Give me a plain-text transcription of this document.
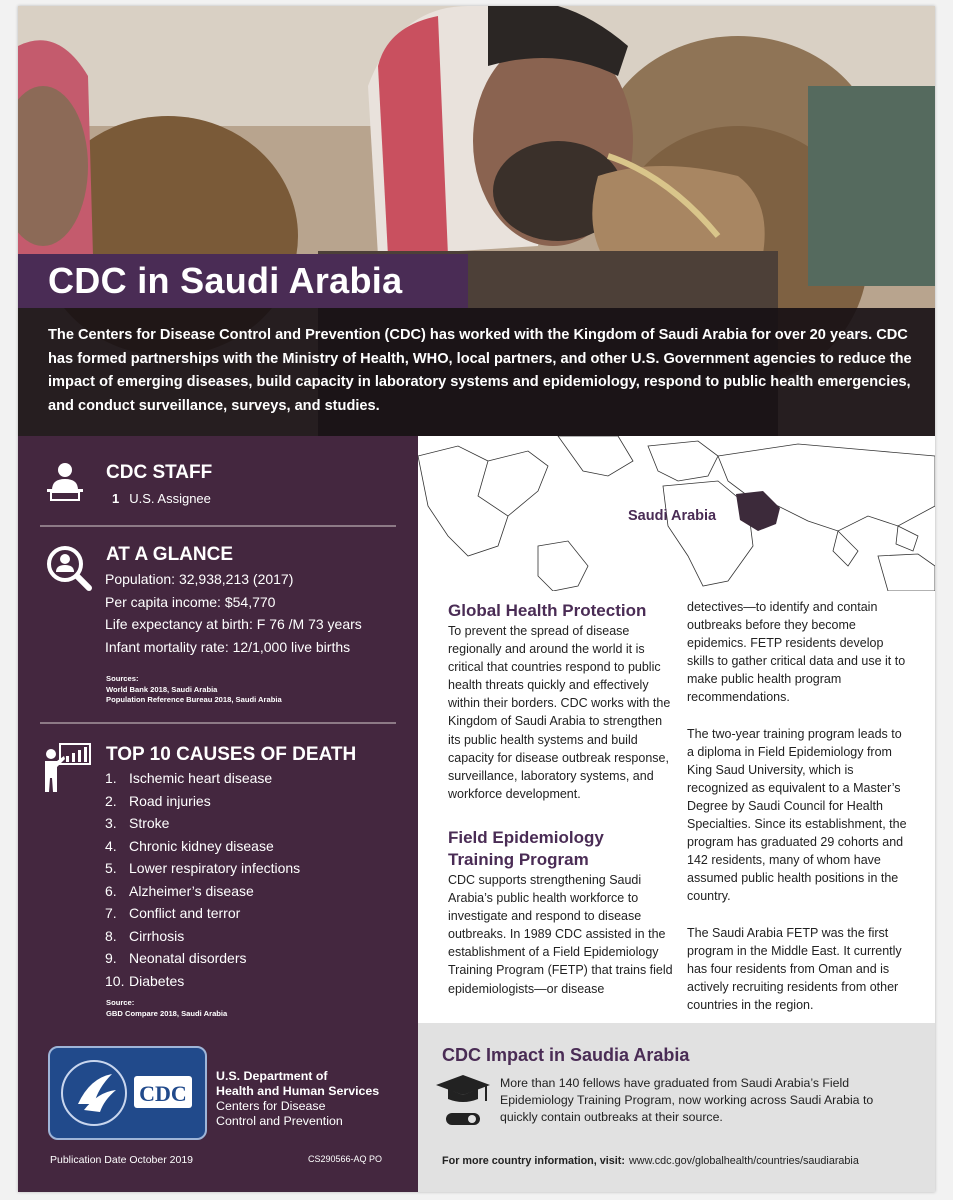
CDC in Saudi Arabia

The Centers for Disease Control and Prevention (CDC) has worked with the Kingdom of Saudi Arabia for over 20 years. CDC has formed partnerships with the Ministry of Health, WHO, local partners, and other U.S. Government agencies to reduce the impact of emerging diseases, build capacity in laboratory systems and epidemiology, respond to public health emergencies, and conduct surveillance, surveys, and studies.

CDC STAFF
1 U.S. Assignee
AT A GLANCE
Population: 32,938,213 (2017)
Per capita income: $54,770
Life expectancy at birth: F 76 /M 73 years
Infant mortality rate: 12/1,000 live births
Sources:
World Bank 2018, Saudi Arabia
Population Reference Bureau 2018, Saudi Arabia
TOP 10 CAUSES OF DEATH
1. Ischemic heart disease
2. Road injuries
3. Stroke
4. Chronic kidney disease
5. Lower respiratory infections
6. Alzheimer’s disease
7. Conflict and terror
8. Cirrhosis
9. Neonatal disorders
10. Diabetes
Source:
GBD Compare 2018, Saudi Arabia
CDC
U.S. Department of
Health and Human Services
Centers for Disease
Control and Prevention
Publication Date October 2019	CS290566-AQ PO
Saudi Arabia
Global Health Protection

To prevent the spread of disease regionally and around the world it is critical that countries respond to public health threats quickly and effectively within their borders. CDC works with the Kingdom of Saudi Arabia to strengthen its public health systems and build capacity for disease outbreak response, surveillance, laboratory systems, and workforce development.

Field Epidemiology Training Program

CDC supports strengthening Saudi Arabia’s public health workforce to investigate and respond to disease outbreaks. In 1989 CDC assisted in the establishment of a Field Epidemiology Training Program (FETP) that trains field epidemiologists—or disease

detectives—to identify and contain outbreaks before they become epidemics. FETP residents develop skills to gather critical data and use it to make public health program recommendations.

The two-year training program leads to a diploma in Field Epidemiology from King Saud University, which is recognized as equivalent to a Master’s Degree by Saudi Council for Health Specialties. Since its establishment, the program has graduated 29 cohorts and 142 residents, many of whom have assumed public health positions in the country.

The Saudi Arabia FETP was the first program in the Middle East. It currently has four residents from Oman and is actively recruiting residents from other countries in the region.

CDC Impact in Saudia Arabia
More than 140 fellows have graduated from Saudi Arabia’s Field Epidemiology Training Program, now working across Saudi Arabia to quickly contain outbreaks at their source.
For more country information, visit: www.cdc.gov/globalhealth/countries/saudiarabia
